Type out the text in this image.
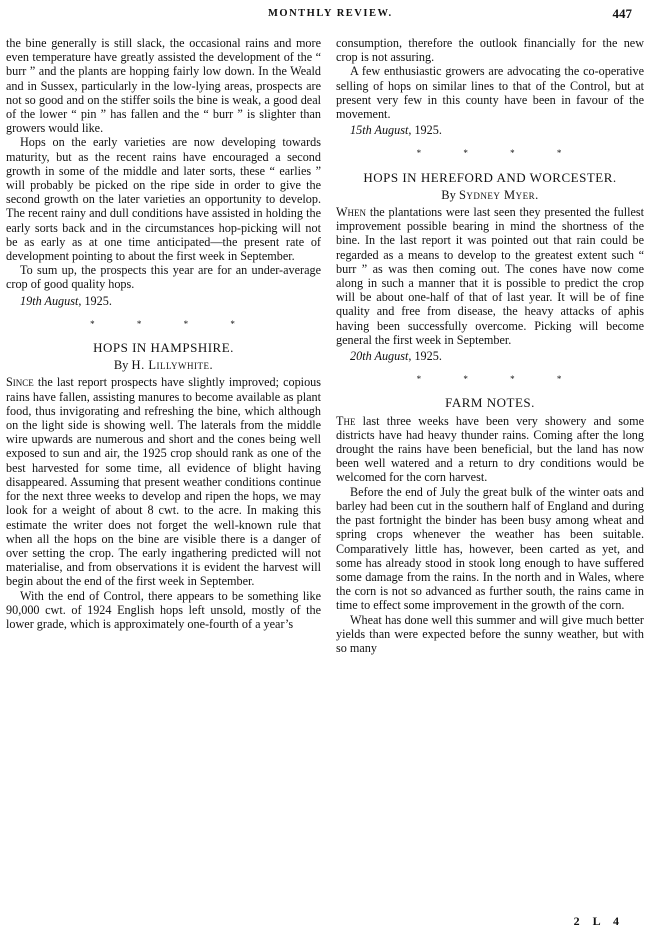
MONTHLY REVIEW.	447

the bine generally is still slack, the occasional rains and more even temperature have greatly assisted the development of the “ burr ” and the plants are hopping fairly low down. In the Weald and in Sussex, particularly in the low-lying areas, prospects are not so good and on the stiffer soils the bine is weak, a good deal of the lower “ pin ” has fallen and the “ burr ” is slighter than growers would like.

Hops on the early varieties are now developing towards maturity, but as the recent rains have encouraged a second growth in some of the middle and later sorts, these “ earlies ” will probably be picked on the ripe side in order to give the second growth on the later varieties an opportunity to develop. The recent rainy and dull conditions have assisted in holding the early sorts back and in the circumstances hop-picking will not be as early as at one time anticipated—the present rate of development pointing to about the first week in September.

To sum up, the prospects this year are for an under-average crop of good quality hops.

19th August, 1925.
* * * *
HOPS IN HAMPSHIRE.
By H. Lillywhite.

Since the last report prospects have slightly improved; copious rains have fallen, assisting manures to become available as plant food, thus invigorating and refreshing the bine, which although on the light side is showing well. The laterals from the middle wire upwards are numerous and short and the cones being well exposed to sun and air, the 1925 crop should rank as one of the best harvested for some time, all evidence of blight having disappeared. Assuming that present weather conditions continue for the next three weeks to develop and ripen the hops, we may look for a weight of about 8 cwt. to the acre. In making this estimate the writer does not forget the well-known rule that when all the hops on the bine are visible there is a danger of over setting the crop. The early ingathering predicted will not materialise, and from observations it is evident the harvest will begin about the end of the first week in September.

With the end of Control, there appears to be something like 90,000 cwt. of 1924 English hops left unsold, mostly of the lower grade, which is approximately one-fourth of a year’s

consumption, therefore the outlook financially for the new crop is not assuring.

A few enthusiastic growers are advocating the co-operative selling of hops on similar lines to that of the Control, but at present very few in this county have been in favour of the movement.

15th August, 1925.
* * * *
HOPS IN HEREFORD AND WORCESTER.
By Sydney Myer.

When the plantations were last seen they presented the fullest improvement possible bearing in mind the shortness of the bine. In the last report it was pointed out that rain could be regarded as a means to develop to the greatest extent such “ burr ” as was then coming out. The cones have now come along in such a manner that it is possible to predict the crop will be about one-half of that of last year. It will be of fine quality and free from disease, the heavy attacks of aphis having been successfully overcome. Picking will become general the first week in September.

20th August, 1925.
* * * *
FARM NOTES.

The last three weeks have been very showery and some districts have had heavy thunder rains. Coming after the long drought the rains have been beneficial, but the land has now been well watered and a return to dry conditions would be welcomed for the corn harvest.

Before the end of July the great bulk of the winter oats and barley had been cut in the southern half of England and during the past fortnight the binder has been busy among wheat and spring crops whenever the weather has been suitable. Comparatively little has, however, been carted as yet, and some has already stood in stook long enough to have suffered some damage from the rains. In the north and in Wales, where the corn is not so advanced as further south, the rains came in time to effect some improvement in the growth of the corn.

Wheat has done well this summer and will give much better yields than were expected before the sunny weather, but with so many

2 L 4
